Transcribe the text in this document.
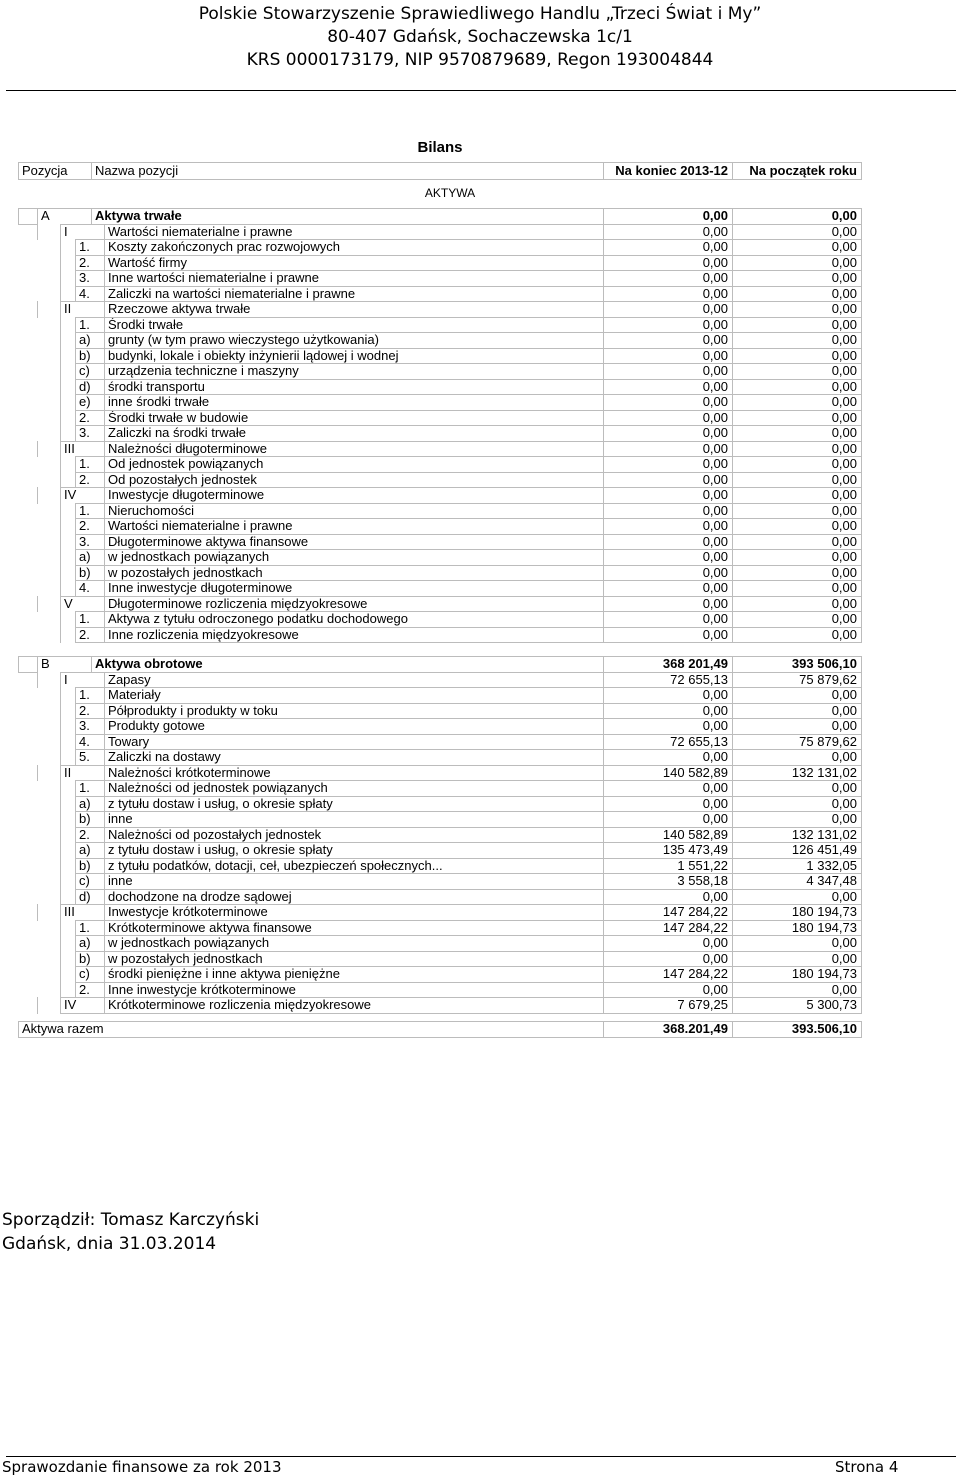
Polskie Stowarzyszenie Sprawiedliwego Handlu „Trzeci Świat i My”
80-407 Gdańsk, Sochaczewska 1c/1
KRS 0000173179, NIP 9570879689, Regon 193004844
Bilans
Pozycja	Nazwa pozycji	Na koniec 2013-12	Na początek roku
AKTYWA
A	Aktywa trwałe	0,00	0,00
I	Wartości niematerialne i prawne	0,00	0,00
1.	Koszty zakończonych prac rozwojowych	0,00	0,00
2.	Wartość firmy	0,00	0,00
3.	Inne wartości niematerialne i prawne	0,00	0,00
4.	Zaliczki na wartości niematerialne i prawne	0,00	0,00
II	Rzeczowe aktywa trwałe	0,00	0,00
1.	Środki trwałe	0,00	0,00
a)	grunty (w tym prawo wieczystego użytkowania)	0,00	0,00
b)	budynki, lokale i obiekty inżynierii lądowej i wodnej	0,00	0,00
c)	urządzenia techniczne i maszyny	0,00	0,00
d)	środki transportu	0,00	0,00
e)	inne środki trwałe	0,00	0,00
2.	Środki trwałe w budowie	0,00	0,00
3.	Zaliczki na środki trwałe	0,00	0,00
III	Należności długoterminowe	0,00	0,00
1.	Od jednostek powiązanych	0,00	0,00
2.	Od pozostałych jednostek	0,00	0,00
IV	Inwestycje długoterminowe	0,00	0,00
1.	Nieruchomości	0,00	0,00
2.	Wartości niematerialne i prawne	0,00	0,00
3.	Długoterminowe aktywa finansowe	0,00	0,00
a)	w jednostkach powiązanych	0,00	0,00
b)	w pozostałych jednostkach	0,00	0,00
4.	Inne inwestycje długoterminowe	0,00	0,00
V	Długoterminowe rozliczenia międzyokresowe	0,00	0,00
1.	Aktywa z tytułu odroczonego podatku dochodowego	0,00	0,00
2.	Inne rozliczenia międzyokresowe	0,00	0,00
B	Aktywa obrotowe	368 201,49	393 506,10
I	Zapasy	72 655,13	75 879,62
1.	Materiały	0,00	0,00
2.	Półprodukty i produkty w toku	0,00	0,00
3.	Produkty gotowe	0,00	0,00
4.	Towary	72 655,13	75 879,62
5.	Zaliczki na dostawy	0,00	0,00
II	Należności krótkoterminowe	140 582,89	132 131,02
1.	Należności od jednostek powiązanych	0,00	0,00
a)	z tytułu dostaw i usług, o okresie spłaty	0,00	0,00
b)	inne	0,00	0,00
2.	Należności od pozostałych jednostek	140 582,89	132 131,02
a)	z tytułu dostaw i usług, o okresie spłaty	135 473,49	126 451,49
b)	z tytułu podatków, dotacji, ceł, ubezpieczeń społecznych...	1 551,22	1 332,05
c)	inne	3 558,18	4 347,48
d)	dochodzone na drodze sądowej	0,00	0,00
III	Inwestycje krótkoterminowe	147 284,22	180 194,73
1.	Krótkoterminowe aktywa finansowe	147 284,22	180 194,73
a)	w jednostkach powiązanych	0,00	0,00
b)	w pozostałych jednostkach	0,00	0,00
c)	środki pieniężne i inne aktywa pieniężne	147 284,22	180 194,73
2.	Inne inwestycje krótkoterminowe	0,00	0,00
IV	Krótkoterminowe rozliczenia międzyokresowe	7 679,25	5 300,73
Aktywa razem	368.201,49	393.506,10
Sporządził: Tomasz Karczyński
Gdańsk, dnia 31.03.2014
Sprawozdanie finansowe za rok 2013	Strona 4
